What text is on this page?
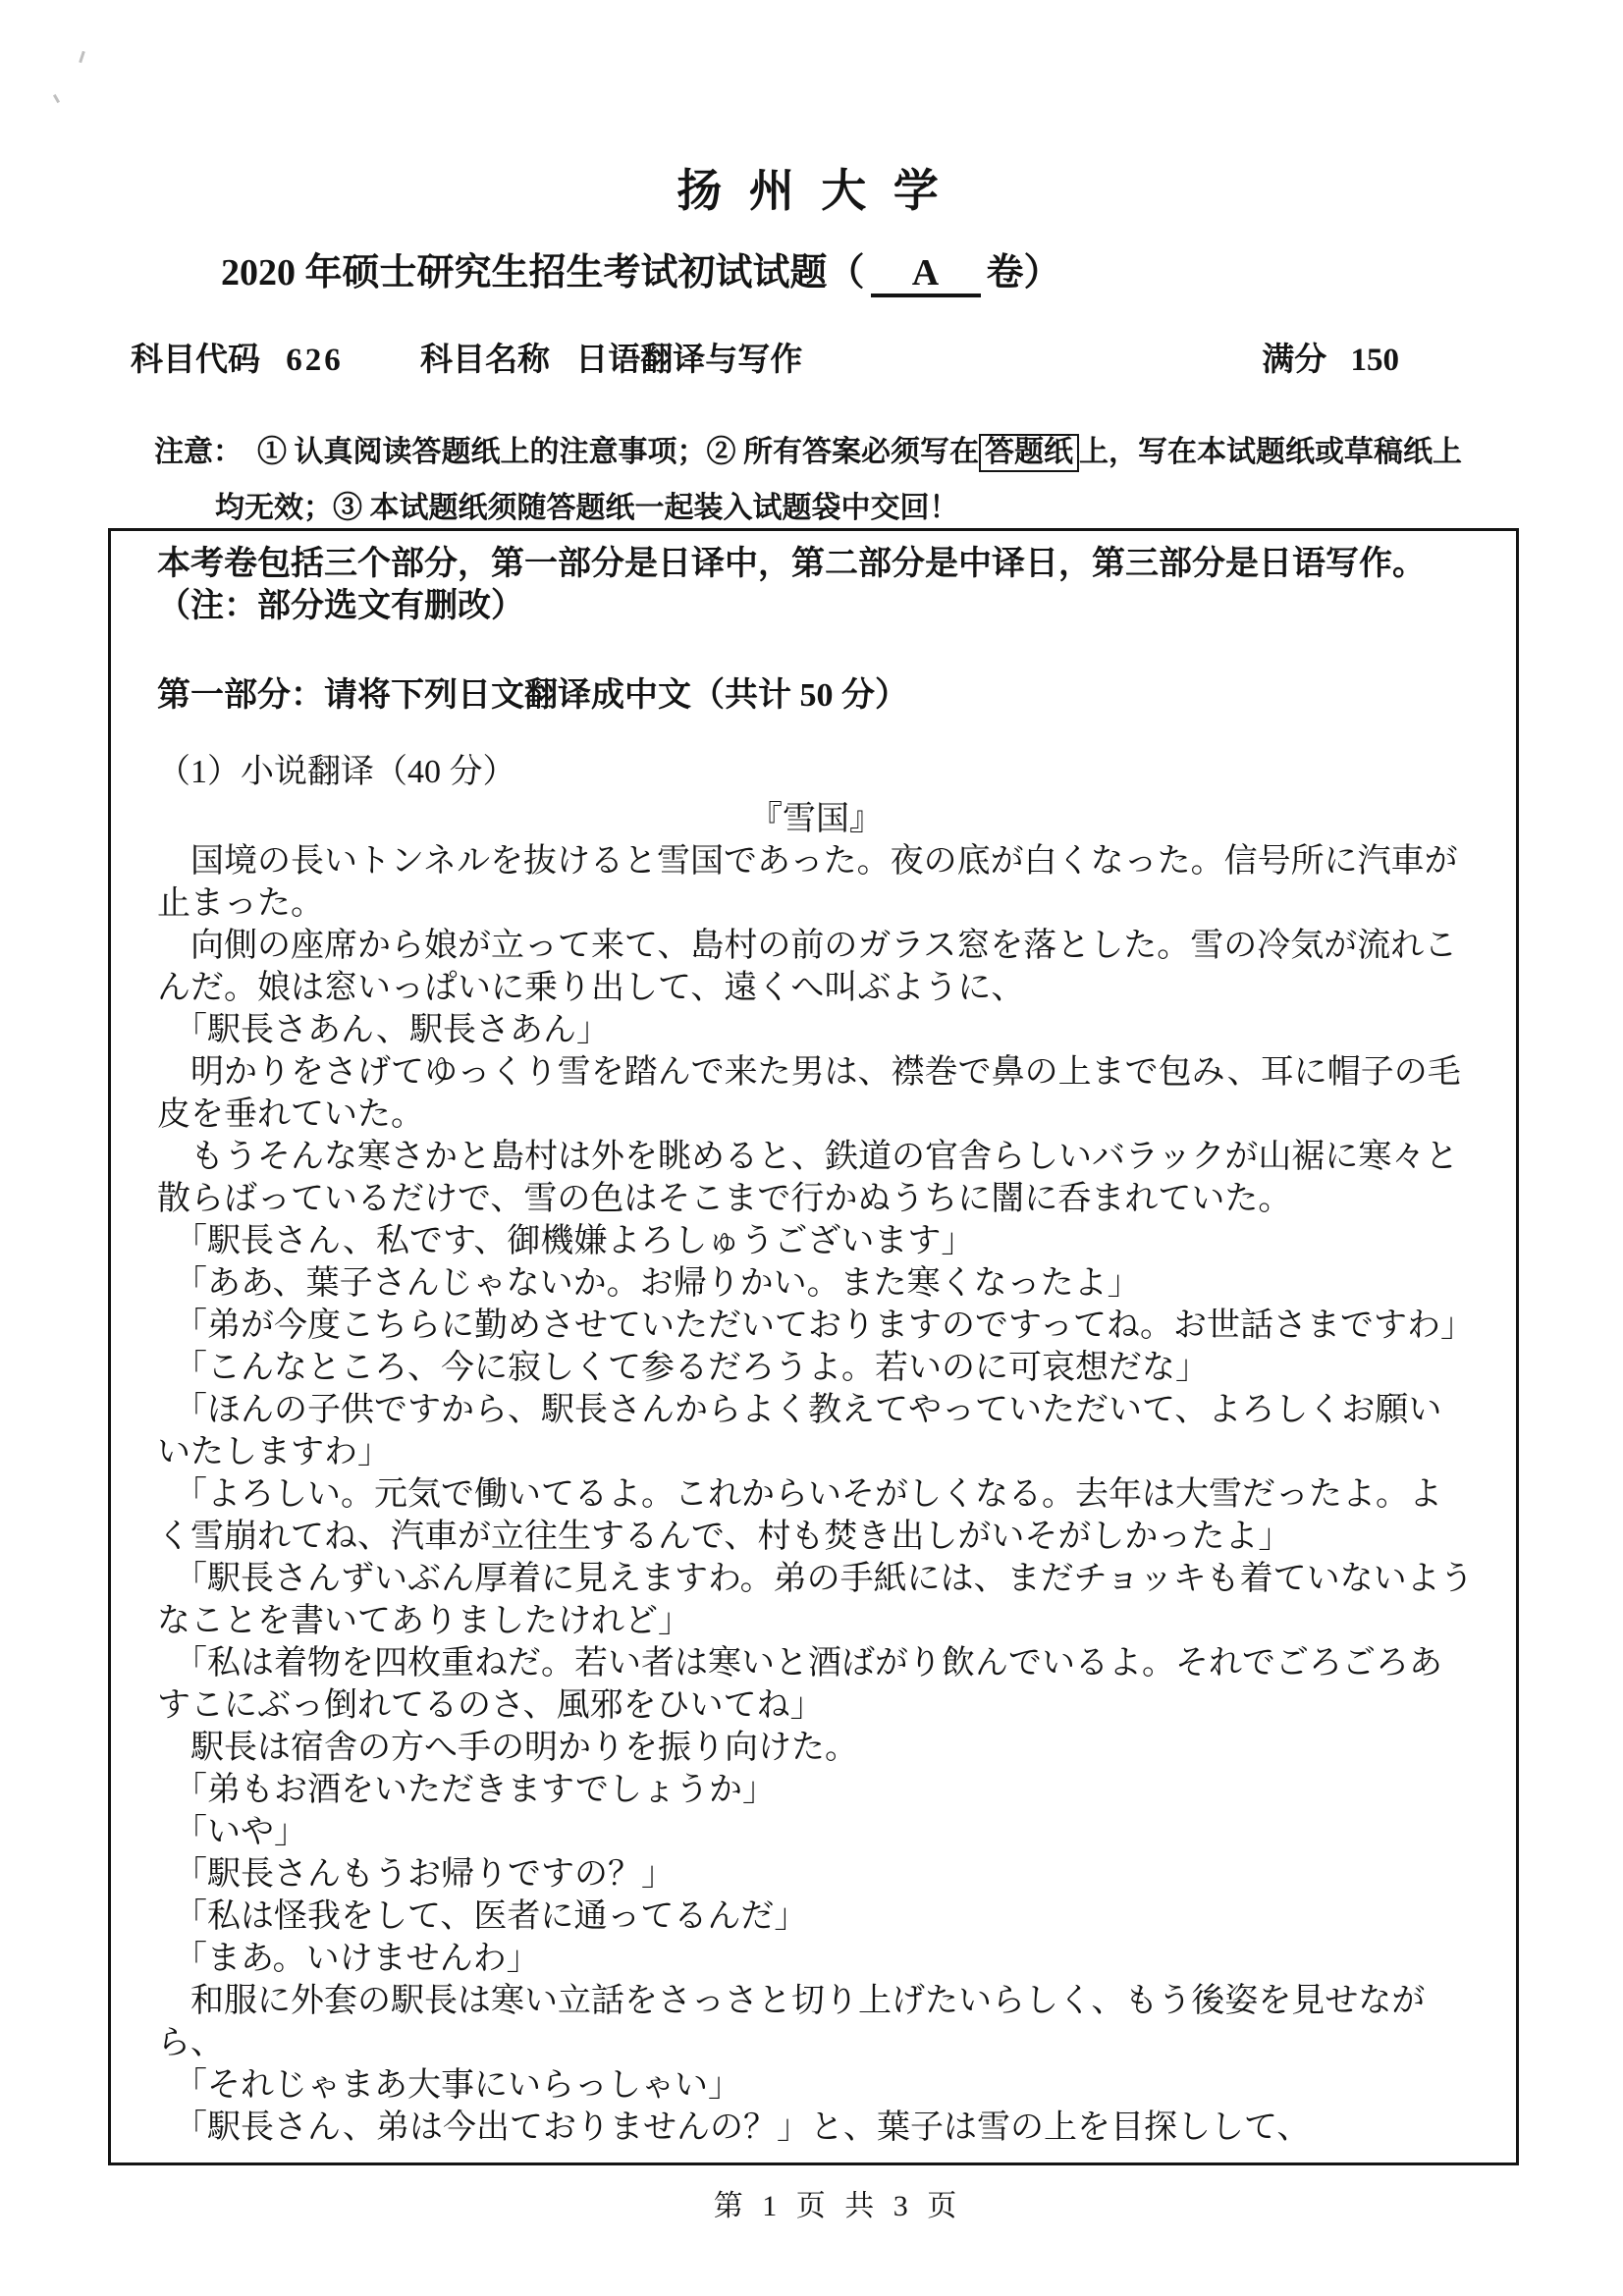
扬 州 大 学
2020 年硕士研究生招生考试初试试题（ A 卷）
科目代码 626 科目名称 日语翻译与写作	满分 150
注意：　① 认真阅读答题纸上的注意事项；② 所有答案必须写在 答题纸 上，写在本试题纸或草稿纸上
均无效；③ 本试题纸须随答题纸一起装入试题袋中交回！

本考卷包括三个部分，第一部分是日译中，第二部分是中译日，第三部分是日语写作。

（注：部分选文有删改）

第一部分：请将下列日文翻译成中文（共计 50 分）

（1）小说翻译（40 分）

『雪国』

　国境の長いトンネルを抜けると雪国であった。夜の底が白くなった。信号所に汽車が止まった。

　向側の座席から娘が立って来て、島村の前のガラス窓を落とした。雪の冷気が流れこんだ。娘は窓いっぱいに乗り出して、遠くへ叫ぶように、

　「駅長さあん、駅長さあん」

　明かりをさげてゆっくり雪を踏んで来た男は、襟巻で鼻の上まで包み、耳に帽子の毛皮を垂れていた。

　もうそんな寒さかと島村は外を眺めると、鉄道の官舎らしいバラックが山裾に寒々と散らばっているだけで、雪の色はそこまで行かぬうちに闇に呑まれていた。

　「駅長さん、私です、御機嫌よろしゅうございます」

　「ああ、葉子さんじゃないか。お帰りかい。また寒くなったよ」

　「弟が今度こちらに勤めさせていただいておりますのですってね。お世話さまですわ」

　「こんなところ、今に寂しくて参るだろうよ。若いのに可哀想だな」

　「ほんの子供ですから、駅長さんからよく教えてやっていただいて、よろしくお願いいたしますわ」

　「よろしい。元気で働いてるよ。これからいそがしくなる。去年は大雪だったよ。よく雪崩れてね、汽車が立往生するんで、村も焚き出しがいそがしかったよ」

　「駅長さんずいぶん厚着に見えますわ。弟の手紙には、まだチョッキも着ていないようなことを書いてありましたけれど」

　「私は着物を四枚重ねだ。若い者は寒いと酒ばがり飲んでいるよ。それでごろごろあすこにぶっ倒れてるのさ、風邪をひいてね」

　駅長は宿舎の方へ手の明かりを振り向けた。

　「弟もお酒をいただきますでしょうか」

　「いや」

　「駅長さんもうお帰りですの？」

　「私は怪我をして、医者に通ってるんだ」

　「まあ。いけませんわ」

　和服に外套の駅長は寒い立話をさっさと切り上げたいらしく、もう後姿を見せながら、

　「それじゃまあ大事にいらっしゃい」

　「駅長さん、弟は今出ておりませんの？」と、葉子は雪の上を目探しして、

第 1 页 共 3 页
